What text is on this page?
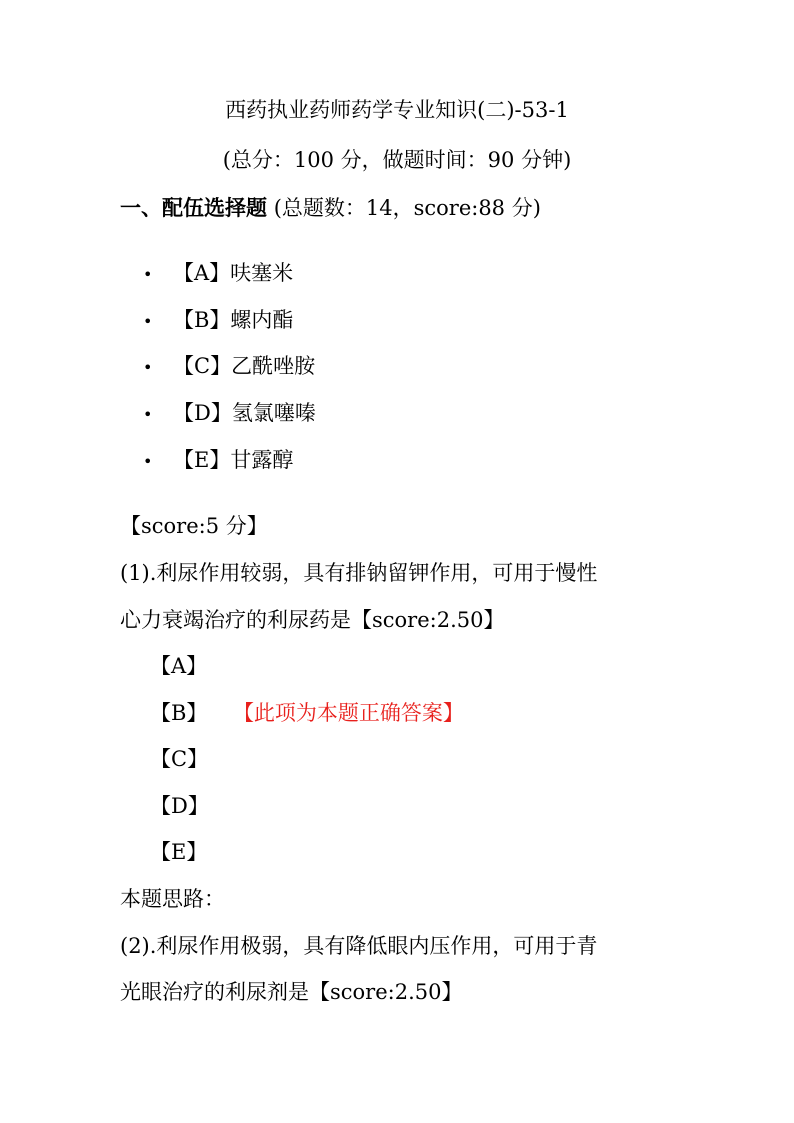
西药执业药师药学专业知识(二)-53-1
(总分：100 分，做题时间：90 分钟)
一、配伍选择题 (总题数：14，score:88 分)
• 【A】呋塞米
• 【B】螺内酯
• 【C】乙酰唑胺
• 【D】氢氯噻嗪
• 【E】甘露醇
【score:5 分】
(1).利尿作用较弱，具有排钠留钾作用，可用于慢性
心力衰竭治疗的利尿药是【score:2.50】
【A】
【B】 【此项为本题正确答案】
【C】
【D】
【E】
本题思路：
(2).利尿作用极弱，具有降低眼内压作用，可用于青
光眼治疗的利尿剂是【score:2.50】
